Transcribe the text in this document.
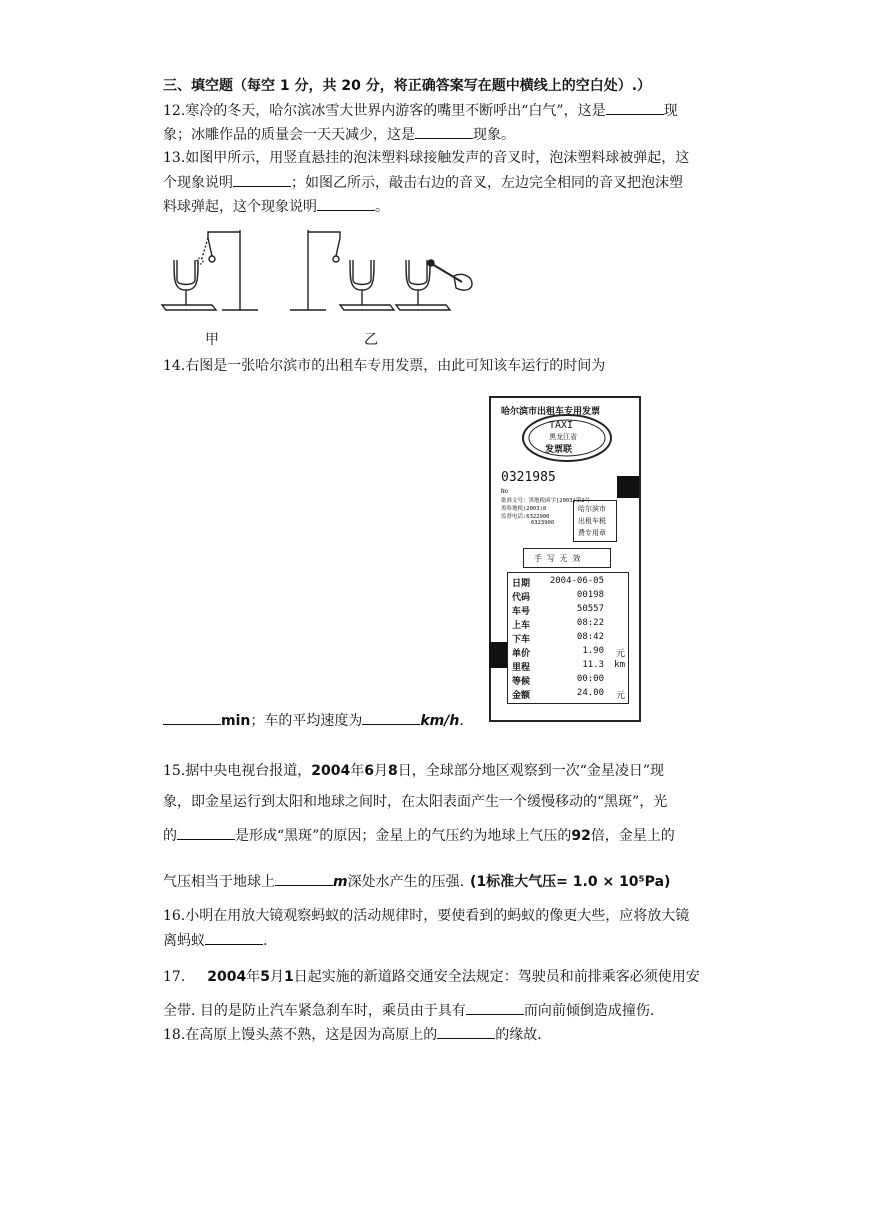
三、填空题（每空 1 分，共 20 分，将正确答案写在题中横线上的空白处）.）
12.寒冷的冬天，哈尔滨冰雪大世界内游客的嘴里不断呼出“白气”，这是	现
象；冰雕作品的质量会一天天减少，这是	现象。
13.如图甲所示，用竖直悬挂的泡沫塑料球接触发声的音叉时，泡沫塑料球被弹起，这
个现象说明	；如图乙所示，敲击右边的音叉，左边完全相同的音叉把泡沫塑
料球弹起，这个现象说明	。
甲	乙
14.右图是一张哈尔滨市的出租车专用发票，由此可知该车运行的时间为
哈尔滨市出租车专用发票
TAXI
黑龙江省
发票联
0321985
No
批准文号：黑地税函字[2003]第2号
黑哈地税(2003)8
监督电话:6322900
6323900
哈尔滨市
出租车税
费专用章
手 写 无 效
日期 2004-06-05
代码	00198
车号	50557
上车	08:22
下车	08:42
单价	1.90 元
里程	11.3 km
等候	00:00
金额	24.00 元
min；车的平均速度为	km/h.
15.据中央电视台报道，2004年6月8日，全球部分地区观察到一次“金星凌日”现
象，即金星运行到太阳和地球之间时，在太阳表面产生一个缓慢移动的“黑斑”，光
的	是形成“黑斑”的原因；金星上的气压约为地球上气压的92倍，金星上的
气压相当于地球上	m深处水产生的压强. (1标准大气压= 1.0 × 10⁵Pa)
16.小明在用放大镜观察蚂蚁的活动规律时，要使看到的蚂蚁的像更大些，应将放大镜
离蚂蚁	.
17. 2004年5月1日起实施的新道路交通安全法规定：驾驶员和前排乘客必须使用安
全带. 目的是防止汽车紧急刹车时，乘员由于具有	而向前倾倒造成撞伤.
18.在高原上馒头蒸不熟，这是因为高原上的	的缘故.
